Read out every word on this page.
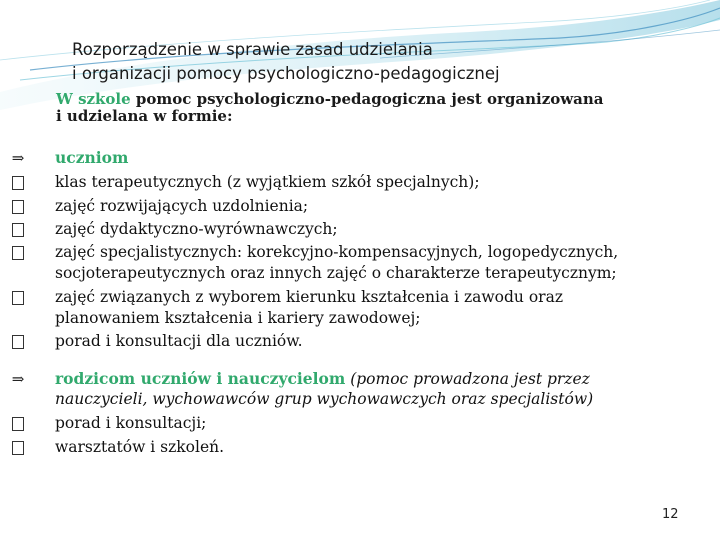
Rozporządzenie w sprawie zasad udzielania
i organizacji pomocy psychologiczno-pedagogicznej
W szkole pomoc psychologiczno-pedagogiczna jest organizowana
i udzielana w formie:
⇒ uczniom
klas terapeutycznych (z wyjątkiem szkół specjalnych);
zajęć rozwijających uzdolnienia;
zajęć dydaktyczno-wyrównawczych;
zajęć specjalistycznych: korekcyjno-kompensacyjnych, logopedycznych,
socjoterapeutycznych oraz innych zajęć o charakterze terapeutycznym;
zajęć związanych z wyborem kierunku kształcenia i zawodu oraz
planowaniem kształcenia i kariery zawodowej;
porad i konsultacji dla uczniów.
⇒ rodzicom uczniów i nauczycielom (pomoc prowadzona jest przez
nauczycieli, wychowawców grup wychowawczych oraz specjalistów)
porad i konsultacji;
warsztatów i szkoleń.
12
